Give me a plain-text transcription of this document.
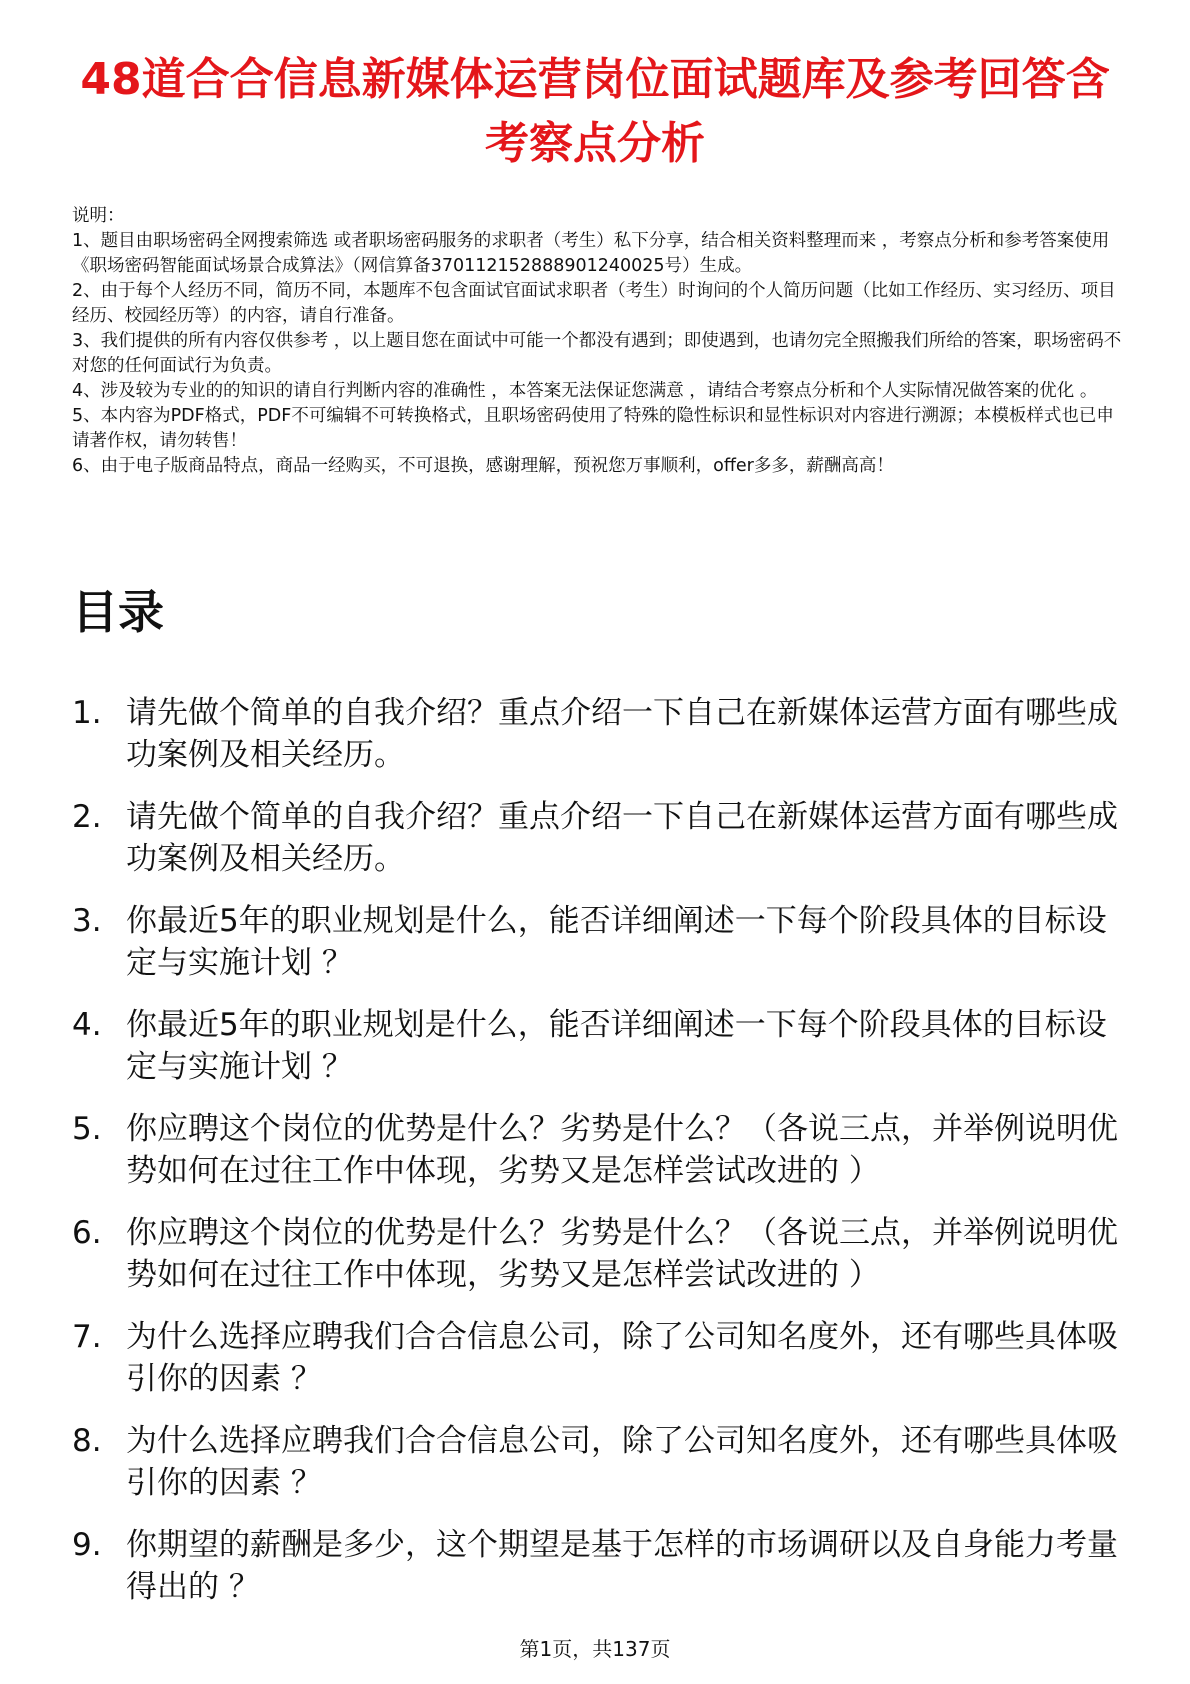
48道合合信息新媒体运营岗位面试题库及参考回答含考察点分析

说明：

1、题目由职场密码全网搜索筛选 或者职场密码服务的求职者（考生）私下分享，结合相关资料整理而来 ，考察点分析和参考答案使用《职场密码智能面试场景合成算法》（网信算备370112152888901240025号）生成。

2、由于每个人经历不同，简历不同，本题库不包含面试官面试求职者（考生）时询问的个人简历问题（比如工作经历、实习经历、项目经历、校园经历等）的内容，请自行准备。

3、我们提供的所有内容仅供参考 ，以上题目您在面试中可能一个都没有遇到；即使遇到，也请勿完全照搬我们所给的答案，职场密码不对您的任何面试行为负责。

4、涉及较为专业的的知识的请自行判断内容的准确性 ，本答案无法保证您满意 ，请结合考察点分析和个人实际情况做答案的优化 。

5、本内容为PDF格式，PDF不可编辑不可转换格式，且职场密码使用了特殊的隐性标识和显性标识对内容进行溯源；本模板样式也已申请著作权，请勿转售！

6、由于电子版商品特点，商品一经购买，不可退换，感谢理解，预祝您万事顺利，offer多多，薪酬高高！

目录
1. 请先做个简单的自我介绍？重点介绍一下自己在新媒体运营方面有哪些成功案例及相关经历。
2. 请先做个简单的自我介绍？重点介绍一下自己在新媒体运营方面有哪些成功案例及相关经历。
3. 你最近5年的职业规划是什么，能否详细阐述一下每个阶段具体的目标设定与实施计划 ？
4. 你最近5年的职业规划是什么，能否详细阐述一下每个阶段具体的目标设定与实施计划 ？
5. 你应聘这个岗位的优势是什么？劣势是什么？（各说三点，并举例说明优势如何在过往工作中体现，劣势又是怎样尝试改进的 ）
6. 你应聘这个岗位的优势是什么？劣势是什么？（各说三点，并举例说明优势如何在过往工作中体现，劣势又是怎样尝试改进的 ）
7. 为什么选择应聘我们合合信息公司，除了公司知名度外，还有哪些具体吸引你的因素 ？
8. 为什么选择应聘我们合合信息公司，除了公司知名度外，还有哪些具体吸引你的因素 ？
9. 你期望的薪酬是多少，这个期望是基于怎样的市场调研以及自身能力考量得出的 ？
第1页，共137页
